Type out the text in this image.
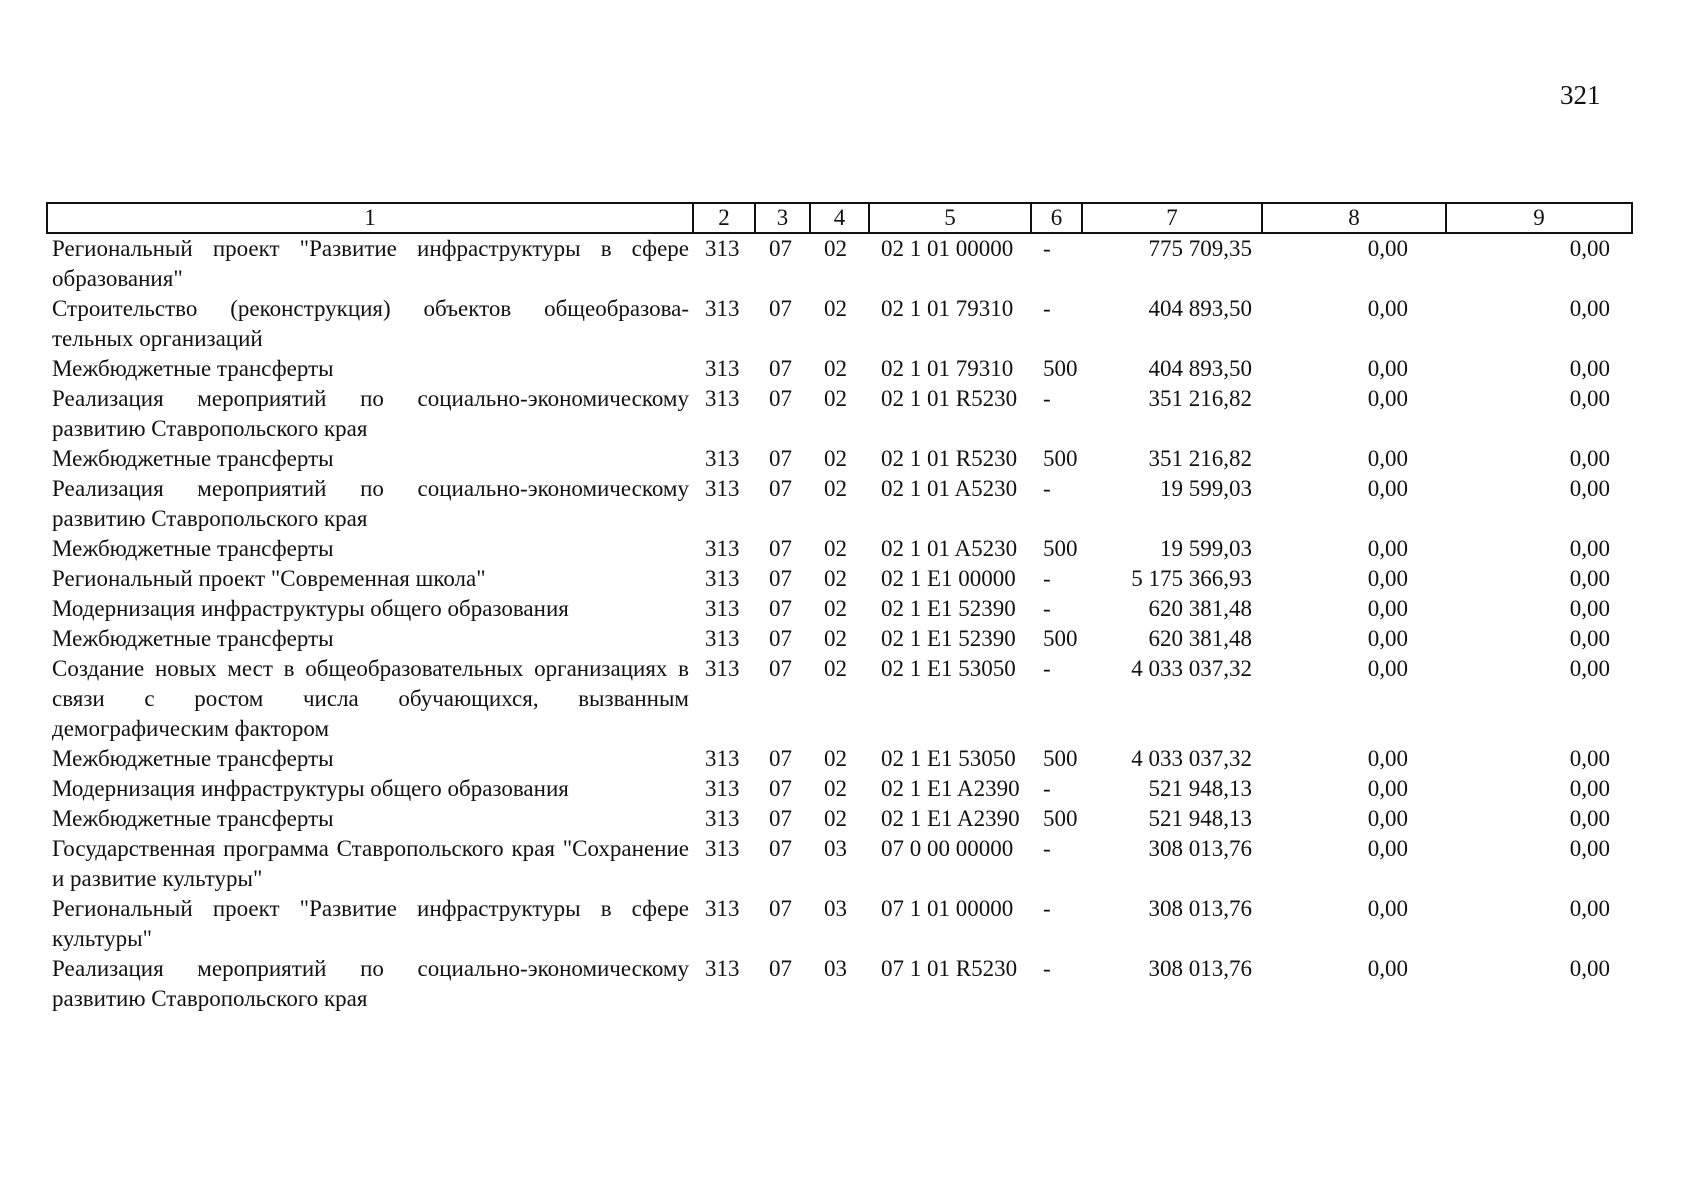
321
1	2	3	4	5	6	7	8	9
Региональный проект "Развитие инфраструктуры в сфере образования"	313	07	02	02 1 01 00000	-	775 709,35	0,00	0,00
Строительство (реконструкция) объектов общеобразова-тельных организаций	313	07	02	02 1 01 79310	-	404 893,50	0,00	0,00
Межбюджетные трансферты	313	07	02	02 1 01 79310	500	404 893,50	0,00	0,00
Реализация мероприятий по социально-экономическому развитию Ставропольского края	313	07	02	02 1 01 R5230	-	351 216,82	0,00	0,00
Межбюджетные трансферты	313	07	02	02 1 01 R5230	500	351 216,82	0,00	0,00
Реализация мероприятий по социально-экономическому развитию Ставропольского края	313	07	02	02 1 01 A5230	-	19 599,03	0,00	0,00
Межбюджетные трансферты	313	07	02	02 1 01 A5230	500	19 599,03	0,00	0,00
Региональный проект "Современная школа"	313	07	02	02 1 E1 00000	-	5 175 366,93	0,00	0,00
Модернизация инфраструктуры общего образования	313	07	02	02 1 E1 52390	-	620 381,48	0,00	0,00
Межбюджетные трансферты	313	07	02	02 1 E1 52390	500	620 381,48	0,00	0,00
Создание новых мест в общеобразовательных организациях в связи с ростом числа обучающихся, вызванным демографическим фактором	313	07	02	02 1 E1 53050	-	4 033 037,32	0,00	0,00
Межбюджетные трансферты	313	07	02	02 1 E1 53050	500	4 033 037,32	0,00	0,00
Модернизация инфраструктуры общего образования	313	07	02	02 1 E1 A2390	-	521 948,13	0,00	0,00
Межбюджетные трансферты	313	07	02	02 1 E1 A2390	500	521 948,13	0,00	0,00
Государственная программа Ставропольского края "Сохранение и развитие культуры"	313	07	03	07 0 00 00000	-	308 013,76	0,00	0,00
Региональный проект "Развитие инфраструктуры в сфере культуры"	313	07	03	07 1 01 00000	-	308 013,76	0,00	0,00
Реализация мероприятий по социально-экономическому развитию Ставропольского края	313	07	03	07 1 01 R5230	-	308 013,76	0,00	0,00
